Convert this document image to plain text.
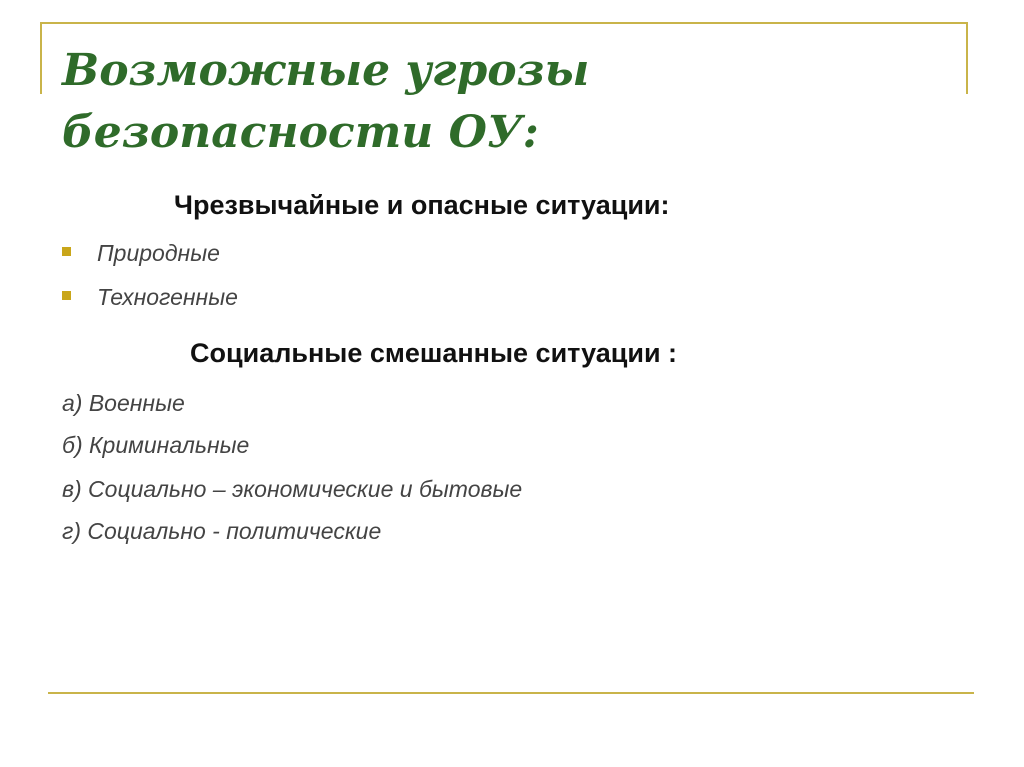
Возможные угрозы безопасности ОУ:
Чрезвычайные и опасные ситуации:
Природные
Техногенные
Социальные смешанные ситуации :
а) Военные
б) Криминальные
в) Социально – экономические и бытовые
г) Социально - политические
